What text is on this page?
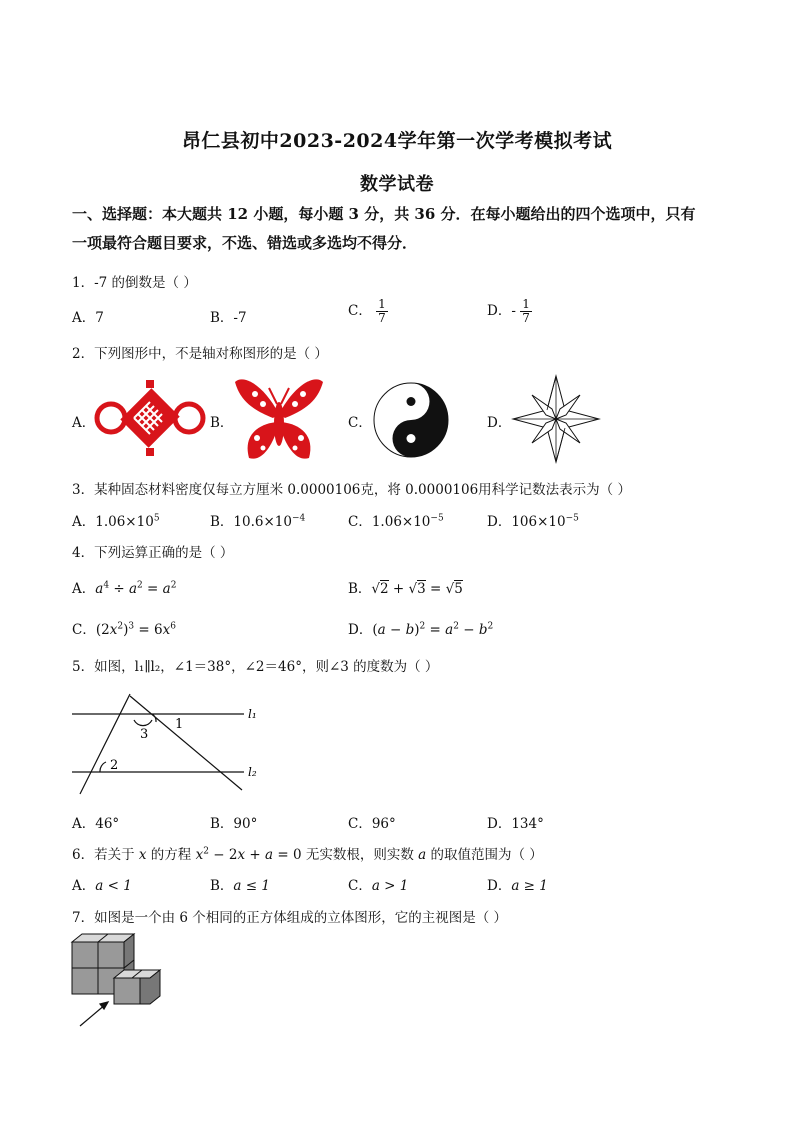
昂仁县初中2023-2024学年第一次学考模拟考试
数学试卷
一、选择题：本大题共 12 小题，每小题 3 分，共 36 分．在每小题给出的四个选项中，只有
一项最符合题目要求，不选、错选或多选均不得分．
1．-7 的倒数是（ ）
A．7	B．-7	C． $\frac{1}{7}$	D．- $\frac{1}{7}$
2．下列图形中，不是轴对称图形的是（ ）
A．	B．	C．	D．
3．某种固态材料密度仅每立方厘米 0.0000106克，将 0.0000106用科学记数法表示为（ ）
A．$1.06\times 10^5$	B．$10.6\times 10^{-4}$	C．$1.06\times 10^{-5}$	D．$106\times 10^{-5}$
4．下列运算正确的是（ ）
A．$a^4 \div a^2 = a^2$	B．√2 + √3 = √5
C．$(2x^2)^3 = 6x^6$	D．$(a - b)^2 = a^2 - b^2$
5．如图，l₁∥l₂，∠1＝38°，∠2＝46°，则∠3 的度数为（ ）
l₁
l₂
1
2
3
A．46°	B．90°	C．96°	D．134°
6．若关于 x 的方程 $x^2 - 2x + a = 0$ 无实数根，则实数 a 的取值范围为（ ）
A．a < 1	B．a ≤ 1	C．a > 1	D．a ≥ 1
7．如图是一个由 6 个相同的正方体组成的立体图形，它的主视图是（ ）
